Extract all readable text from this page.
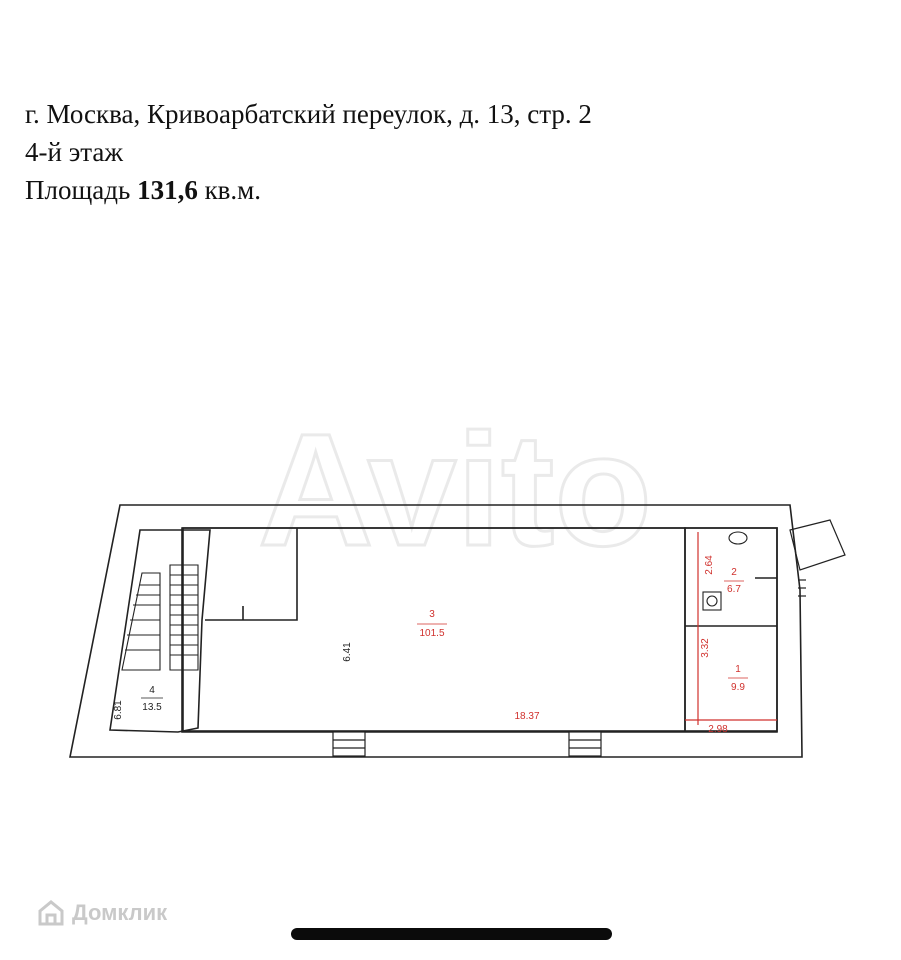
г. Москва, Кривоарбатский переулок, д. 13, стр. 2
4-й этаж
Площадь 131,6 кв.м.
Avito
3
101.5
2
6.7
1
9.9
4
13.5
6.41
18.37
2.64
3.32
2.98
6.81
Домклик
